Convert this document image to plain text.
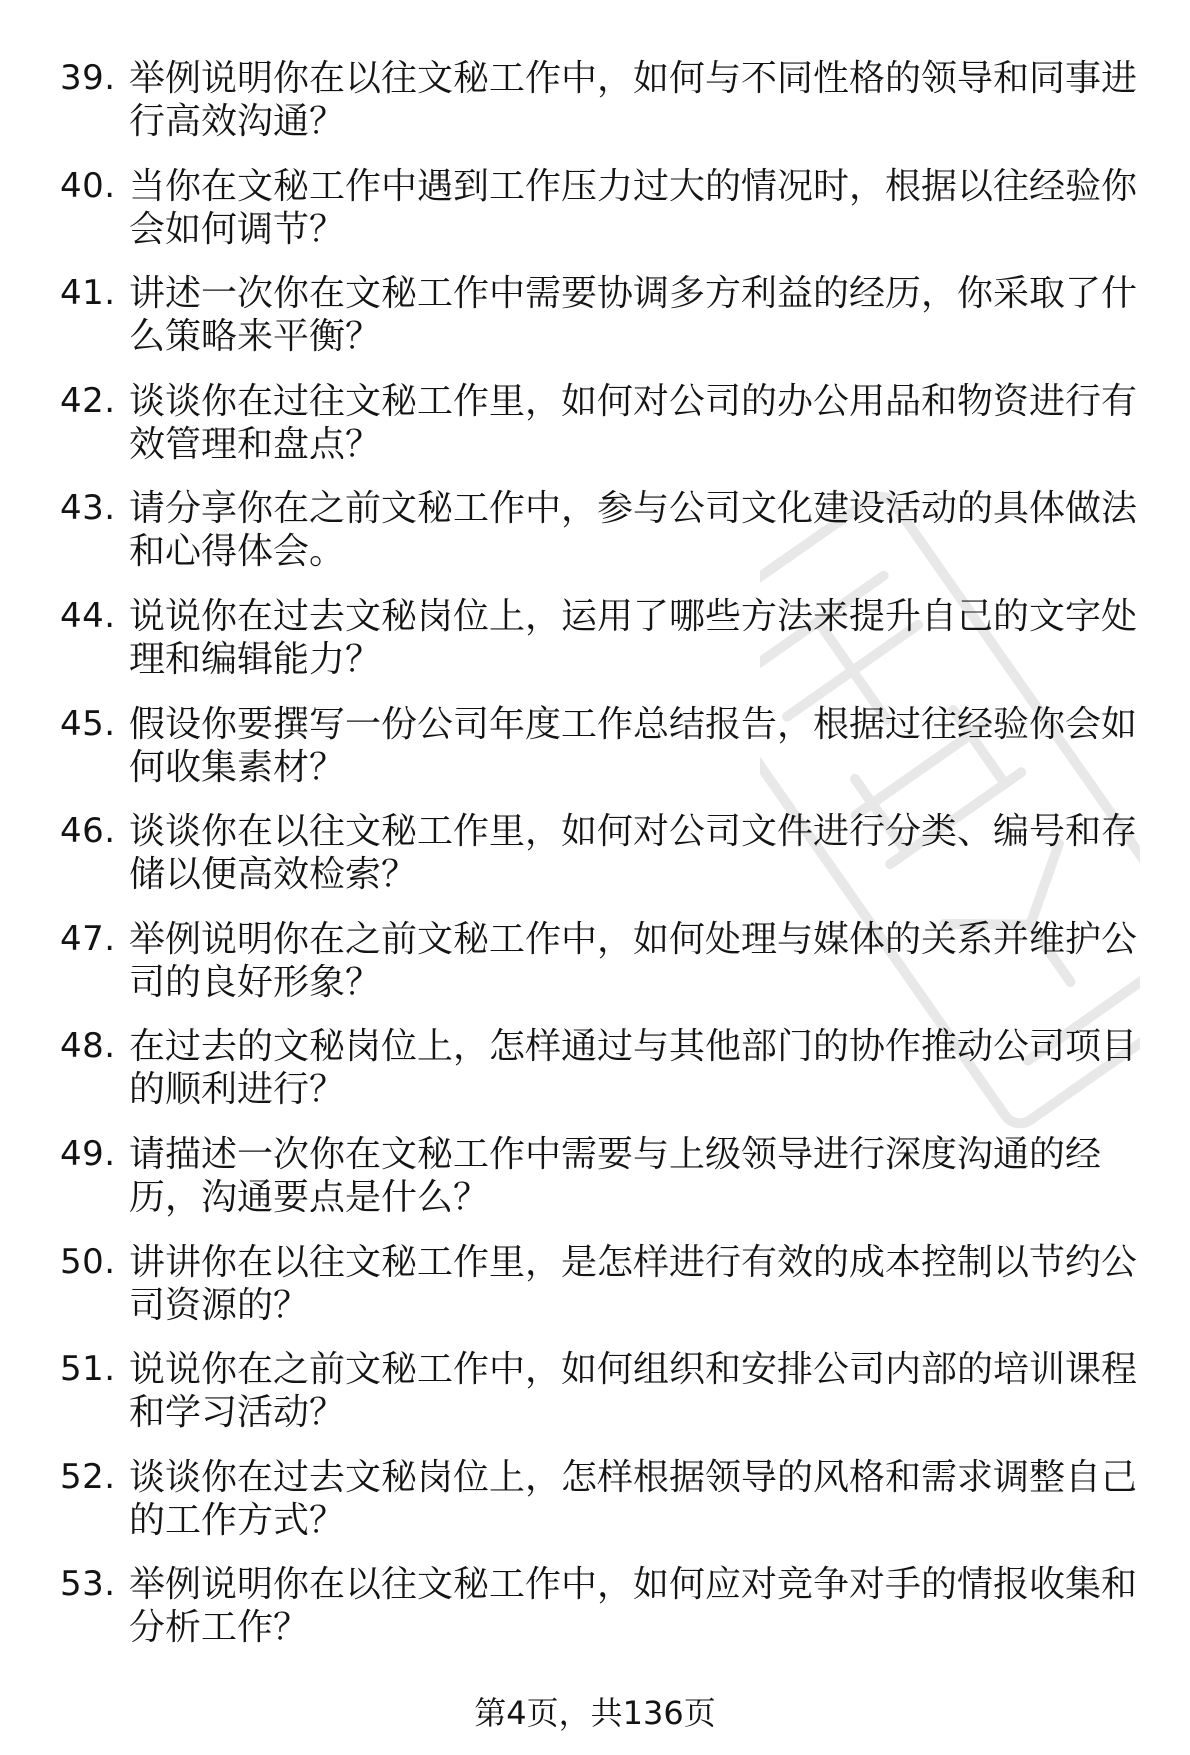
39. 举例说明你在以往文秘工作中，如何与不同性格的领导和同事进行高效沟通？
40. 当你在文秘工作中遇到工作压力过大的情况时，根据以往经验你会如何调节？
41. 讲述一次你在文秘工作中需要协调多方利益的经历，你采取了什么策略来平衡？
42. 谈谈你在过往文秘工作里，如何对公司的办公用品和物资进行有效管理和盘点？
43. 请分享你在之前文秘工作中，参与公司文化建设活动的具体做法和心得体会。
44. 说说你在过去文秘岗位上，运用了哪些方法来提升自己的文字处理和编辑能力？
45. 假设你要撰写一份公司年度工作总结报告，根据过往经验你会如何收集素材？
46. 谈谈你在以往文秘工作里，如何对公司文件进行分类、编号和存储以便高效检索？
47. 举例说明你在之前文秘工作中，如何处理与媒体的关系并维护公司的良好形象？
48. 在过去的文秘岗位上，怎样通过与其他部门的协作推动公司项目的顺利进行？
49. 请描述一次你在文秘工作中需要与上级领导进行深度沟通的经历，沟通要点是什么？
50. 讲讲你在以往文秘工作里，是怎样进行有效的成本控制以节约公司资源的？
51. 说说你在之前文秘工作中，如何组织和安排公司内部的培训课程和学习活动？
52. 谈谈你在过去文秘岗位上，怎样根据领导的风格和需求调整自己的工作方式？
53. 举例说明你在以往文秘工作中，如何应对竞争对手的情报收集和分析工作？
第4页，共136页
